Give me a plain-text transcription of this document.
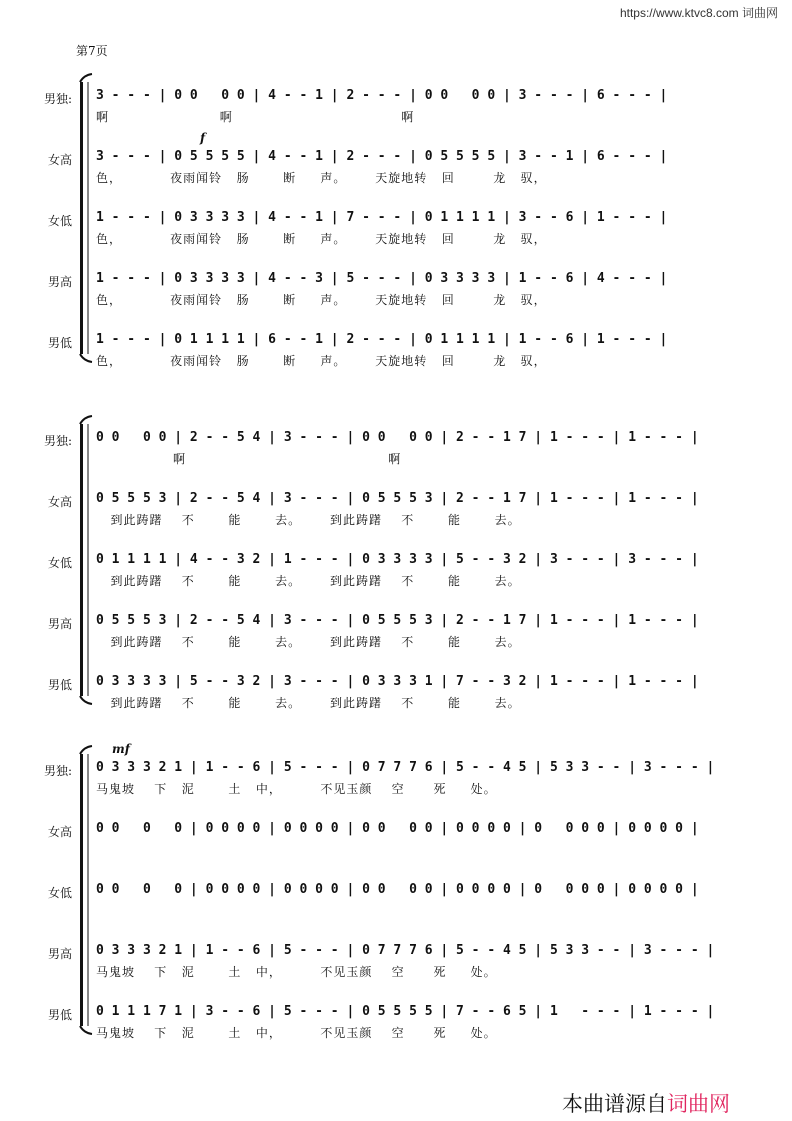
https://www.ktvc8.com 词曲网
第7页
男独: 3 - - - | 0 0   0 0 | 4 - - 1 | 2 - - - | 0 0   0 0 | 3 - - - | 6 - - - |
啊                       啊                                   啊
女高 3 - - - | 0 5 5 5 5 | 4 - - 1 | 2 - - - | 0 5 5 5 5 | 3 - - 1 | 6 - - - |
色，          夜雨闻铃   肠       断     声。      天旋地转   回        龙   驭，
f
女低 1 - - - | 0 3 3 3 3 | 4 - - 1 | 7 - - - | 0 1 1 1 1 | 3 - - 6 | 1 - - - |
色，          夜雨闻铃   肠       断     声。      天旋地转   回        龙   驭，
男高 1 - - - | 0 3 3 3 3 | 4 - - 3 | 5 - - - | 0 3 3 3 3 | 1 - - 6 | 4 - - - |
色，          夜雨闻铃   肠       断     声。      天旋地转   回        龙   驭，
男低 1 - - - | 0 1 1 1 1 | 6 - - 1 | 2 - - - | 0 1 1 1 1 | 1 - - 6 | 1 - - - |
色，          夜雨闻铃   肠       断     声。      天旋地转   回        龙   驭，
男独: 0 0   0 0 | 2 - - 5 4 | 3 - - - | 0 0   0 0 | 2 - - 1 7 | 1 - - - | 1 - - - |
啊                                          啊
女高 0 5 5 5 3 | 2 - - 5 4 | 3 - - - | 0 5 5 5 3 | 2 - - 1 7 | 1 - - - | 1 - - - |
到此踌躇    不       能       去。      到此踌躇    不       能       去。
女低 0 1 1 1 1 | 4 - - 3 2 | 1 - - - | 0 3 3 3 3 | 5 - - 3 2 | 3 - - - | 3 - - - |
到此踌躇    不       能       去。      到此踌躇    不       能       去。
男高 0 5 5 5 3 | 2 - - 5 4 | 3 - - - | 0 5 5 5 3 | 2 - - 1 7 | 1 - - - | 1 - - - |
到此踌躇    不       能       去。      到此踌躇    不       能       去。
男低 0 3 3 3 3 | 5 - - 3 2 | 3 - - - | 0 3 3 3 1 | 7 - - 3 2 | 1 - - - | 1 - - - |
到此踌躇    不       能       去。      到此踌躇    不       能       去。
男独: 0 3 3 3 2 1 | 1 - - 6 | 5 - - - | 0 7 7 7 6 | 5 - - 4 5 | 5 3 3 - - | 3 - - - |
马鬼坡    下   泥       土   中，        不见玉颜    空      死     处。
mf
女高 0 0   0   0 | 0 0 0 0 | 0 0 0 0 | 0 0   0 0 | 0 0 0 0 | 0   0 0 0 | 0 0 0 0 |
女低 0 0   0   0 | 0 0 0 0 | 0 0 0 0 | 0 0   0 0 | 0 0 0 0 | 0   0 0 0 | 0 0 0 0 |
男高 0 3 3 3 2 1 | 1 - - 6 | 5 - - - | 0 7 7 7 6 | 5 - - 4 5 | 5 3 3 - - | 3 - - - |
马鬼坡    下   泥       土   中，        不见玉颜    空      死     处。
男低 0 1 1 1 7 1 | 3 - - 6 | 5 - - - | 0 5 5 5 5 | 7 - - 6 5 | 1   - - - | 1 - - - |
马鬼坡    下   泥       土   中，        不见玉颜    空      死     处。
本曲谱源自词曲网
